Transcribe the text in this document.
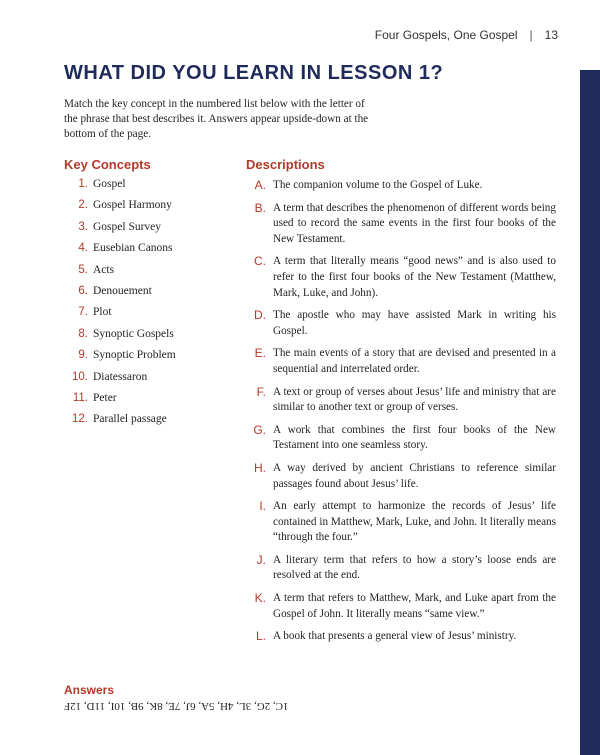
Four Gospels, One Gospel | 13
WHAT DID YOU LEARN IN LESSON 1?

Match the key concept in the numbered list below with the letter of the phrase that best describes it. Answers appear upside-down at the bottom of the page.

Key Concepts	Descriptions
1. Gospel
2. Gospel Harmony
3. Gospel Survey
4. Eusebian Canons
5. Acts
6. Denouement
7. Plot
8. Synoptic Gospels
9. Synoptic Problem
10. Diatessaron
11. Peter
12. Parallel passage
A. The companion volume to the Gospel of Luke.
B. A term that describes the phenomenon of different words being used to record the same events in the first four books of the New Testament.
C. A term that literally means “good news” and is also used to refer to the first four books of the New Testament (Matthew, Mark, Luke, and John).
D. The apostle who may have assisted Mark in writing his Gospel.
E. The main events of a story that are devised and presented in a sequential and interrelated order.
F. A text or group of verses about Jesus’ life and ministry that are similar to another text or group of verses.
G. A work that combines the first four books of the New Testament into one seamless story.
H. A way derived by ancient Christians to reference similar passages found about Jesus’ life.
I. An early attempt to harmonize the records of Jesus’ life contained in Matthew, Mark, Luke, and John. It literally means “through the four.”
J. A literary term that refers to how a story’s loose ends are resolved at the end.
K. A term that refers to Matthew, Mark, and Luke apart from the Gospel of John. It literally means “same view.”
L. A book that presents a general view of Jesus’ ministry.
Answers
1C, 2G, 3L, 4H, 5A, 6J, 7E, 8K, 9B, 10I, 11D, 12F
